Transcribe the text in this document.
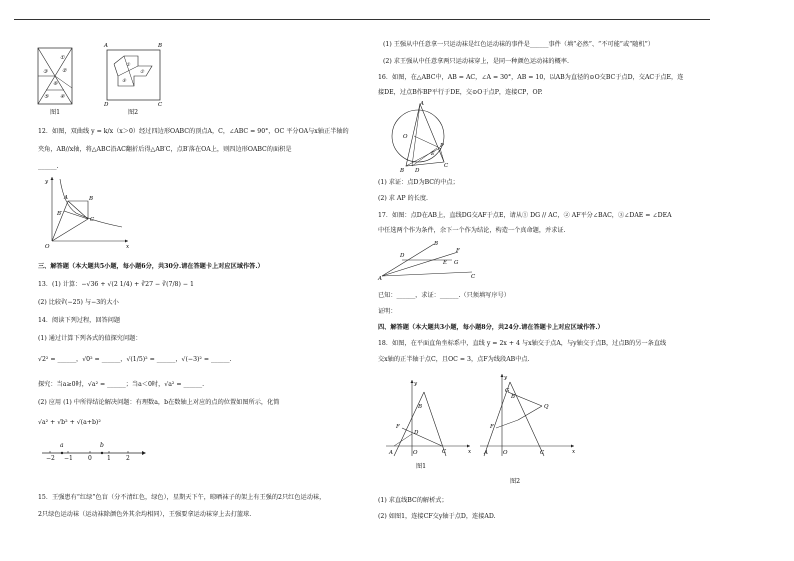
①
②
③
⑥
⑤ ④
图1
A	B
D	C
①
②
⑤
图2
12．如图，双曲线 y = k/x（x＞0）经过四边形OABC的顶点A，C，∠ABC = 90°，OC 平分OA与x轴正半轴的
夹角，AB//x轴，将△ABC沿AC翻折后得△AB′C，点B′落在OA上，则四边形OABC的面积是
______.
y
x
O
A	B
B′
C
三、解答题（本大题共5小题，每小题6分，共30分.请在答题卡上对应区域作答.）
13．(1) 计算：−√36 + √(2 1/4) + ∛27 − ∛(7/8) − 1
(2) 比较∛(−25) 与−3的大小
14．阅读下列过程，回答问题
(1) 通过计算下列各式的值探究问题：
√2² = ______，√0² = ______，√(1/5)² = ______，√(−3)² = ______.
探究：当a≥0时，√a² = ______；当a＜0时，√a² = ______.
(2) 应用 (1) 中所得结论解决问题：有理数a，b在数轴上对应的点的位置如图所示，化简
√a² + √b² + √(a+b)²
a	b
−2 −1	0	1	2
15．王强患有“红绿”色盲（分不清红色，绿色），星期天下午，晾晒袜子的架上有王强的2只红色运动袜，
2只绿色运动袜（运动袜除颜色外其余均相同），王强要拿运动袜穿上去打篮球.
(1) 王强从中任意拿一只运动袜是红色运动袜的事件是______事件（填“必然”、“不可能”或“随机”）
(2) 求王强从中任意拿两只运动袜穿上，是同一种颜色运动袜的概率.
16．如图，在△ABC中，AB = AC，∠A = 30°，AB = 10，以AB为直径的⊙O交BC于点D，交AC于点E，连
接DE，过点B作BP平行于DE，交⊙O于点P，连接CP，OP.
A
O
P
E
B D
C
(1) 求证：点D为BC的中点；
(2) 求 AP 的长度.
17．如图：点D在AB上，直线DG交AF于点E，请从① DG // AC，② AF平分∠BAC，③∠DAE = ∠DEA
中任选两个作为条件，余下一个作为结论，构造一个真命题，并求证.
B
F
D
E G
A	C
已知：______，求证：______.（只须填写序号）
证明：
四、解答题（本大题共3小题，每小题8分，共24分.请在答题卡上对应区域作答.）
18．如图，在平面直角坐标系中，直线 y = 2x + 4 与x轴交于点A，与y轴交于点B，过点B的另一条直线
交x轴的正半轴于点C，且OC = 3，点F为线段AB中点.
y
x
B
F
D
A	O	C
图1
y
x
G
B
Q
F
A	O	C
图2
(1) 求直线BC的解析式；
(2) 如图1，连接CF交y轴于点D，连接AD.
